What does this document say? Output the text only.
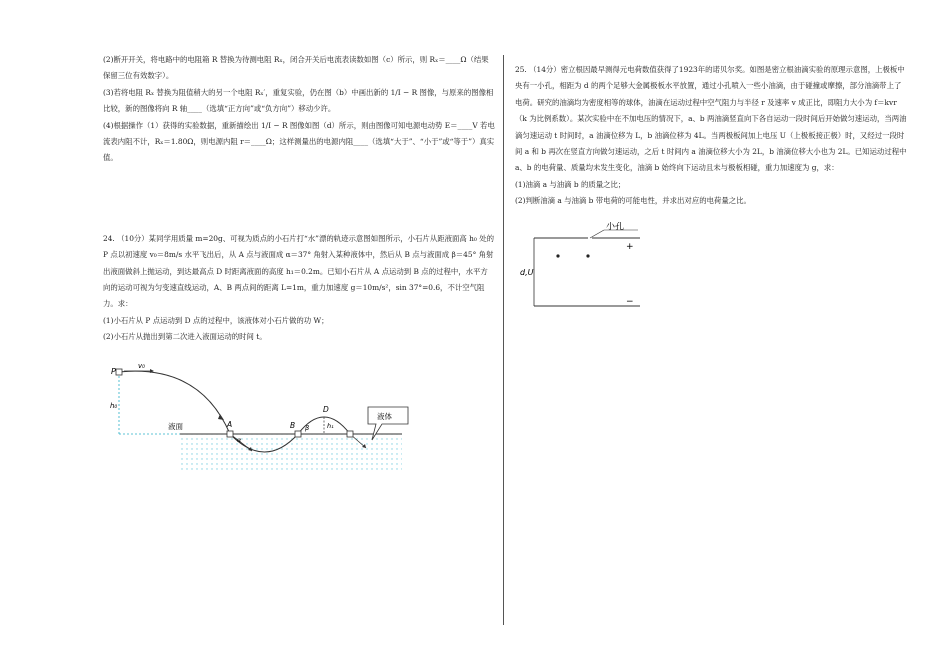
(2)断开开关，将电路中的电阻箱 R 替换为待测电阻 Rₓ，闭合开关后电流表读数如图（c）所示，则 Rₓ＝____Ω（结果保留三位有效数字）。

(3)若将电阻 Rₓ 替换为阻值稍大的另一个电阻 Rₓ′，重复实验，仍在图（b）中画出新的 1/I − R 图像，与原来的图像相比较，新的图像将向 R 轴____（选填“正方向”或“负方向”）移动少许。

(4)根据操作（1）获得的实验数据，重新描绘出 1/I − R 图像如图（d）所示，则由图像可知电源电动势 E＝____V 若电流表内阻不计，Rₓ＝1.80Ω，则电源内阻 r＝____Ω；这样测量出的电源内阻____（选填“大于”、“小于”或“等于”）真实值。

24. （10分）某同学用质量 m=20g、可视为质点的小石片打“水”漂的轨迹示意图如图所示，小石片从距液面高 h₀ 处的 P 点以初速度 v₀＝8m/s 水平飞出后，从 A 点与液面成 α＝37° 角射入某种液体中，然后从 B 点与液面成 β＝45° 角射出液面做斜上抛运动，到达最高点 D 时距离液面的高度 h₁＝0.2m。已知小石片从 A 点运动到 B 点的过程中，水平方向的运动可视为匀变速直线运动，A、B 两点间的距离 L=1m，重力加速度 g＝10m/s²，sin 37°=0.6，不计空气阻力。求：

(1)小石片从 P 点运动到 D 点的过程中，该液体对小石片做的功 W；

(2)小石片从抛出到第二次进入液面运动的时间 t。

P
v₀
h₀
液面	A
α
B β
D
h₁
液体

25. （14分）密立根因最早测得元电荷数值获得了1923年的诺贝尔奖。如图是密立根油滴实验的原理示意图，上极板中央有一小孔，相距为 d 的两个足够大金属极板水平放置，通过小孔喷入一些小油滴，由于碰撞或摩擦，部分油滴带上了电荷。研究的油滴均为密度相等的球体，油滴在运动过程中空气阻力与半径 r 及速率 v 成正比，即阻力大小为 f＝kvr（k 为比例系数）。某次实验中在不加电压的情况下，a、b 两油滴竖直向下各自运动一段时间后开始做匀速运动，当两油滴匀速运动 t 时间时，a 油滴位移为 L，b 油滴位移为 4L。当两极板间加上电压 U（上极板接正极）时，又经过一段时间 a 和 b 再次在竖直方向做匀速运动，之后 t 时间内 a 油滴位移大小为 2L，b 油滴位移大小也为 2L。已知运动过程中 a、b 的电荷量、质量均未发生变化，油滴 b 始终向下运动且未与极板相碰，重力加速度为 g，求：

(1)油滴 a 与油滴 b 的质量之比；

(2)判断油滴 a 与油滴 b 带电荷的可能电性，并求出对应的电荷量之比。

小孔
+
−
d,U
